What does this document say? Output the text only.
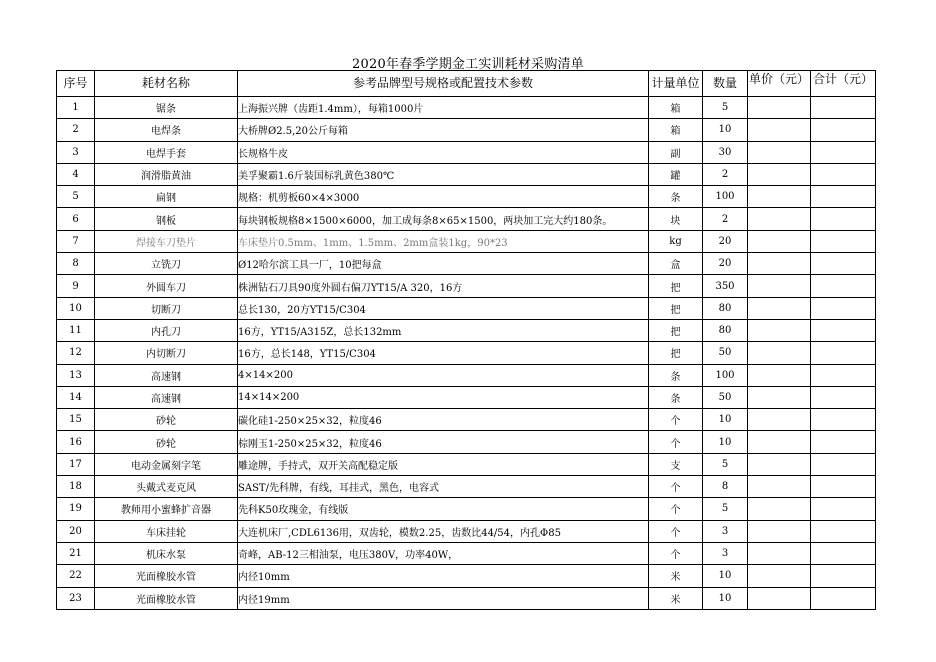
2020年春季学期金工实训耗材采购清单
序号	耗材名称	参考品牌型号规格或配置技术参数	计量单位	数量	单价（元）	合计（元）
1	锯条	上海振兴牌（齿距1.4mm），每箱1000片	箱	5		
2	电焊条	大桥牌Ø2.5,20公斤每箱	箱	10		
3	电焊手套	长规格牛皮	副	30		
4	润滑脂黄油	美孚聚霸1.6斤装国标乳黄色380℃	罐	2		
5	扁钢	规格：机剪板60×4×3000	条	100		
6	钢板	每块钢板规格8×1500×6000，加工成每条8×65×1500，两块加工完大约180条。	块	2		
7	焊接车刀垫片	车床垫片0.5mm、1mm、1.5mm、2mm盒装1kg，90*23	kg	20		
8	立铣刀	Ø12哈尔滨工具一厂，10把每盒	盒	20		
9	外圆车刀	株洲钻石刀具90度外圆右偏刀YT15/A 320，16方	把	350		
10	切断刀	总长130，20方YT15/C304	把	80		
11	内孔刀	16方，YT15/A315Z，总长132mm	把	80		
12	内切断刀	16方，总长148，YT15/C304	把	50		
13	高速钢	4×14×200	条	100		
14	高速钢	14×14×200	条	50		
15	砂轮	碳化硅1-250×25×32，粒度46	个	10		
16	砂轮	棕刚玉1-250×25×32，粒度46	个	10		
17	电动金属刻字笔	雕途牌，手持式，双开关高配稳定版	支	5		
18	头戴式麦克风	SAST/先科牌，有线，耳挂式，黑色，电容式	个	8		
19	教师用小蜜蜂扩音器	先科K50玫瑰金，有线版	个	5		
20	车床挂轮	大连机床厂,CDL6136用，双齿轮，模数2.25，齿数比44/54，内孔Φ85	个	3		
21	机床水泵	奇峰，AB-12三相油泵，电压380V，功率40W，	个	3		
22	光面橡胶水管	内径10mm	米	10		
23	光面橡胶水管	内径19mm	米	10		
